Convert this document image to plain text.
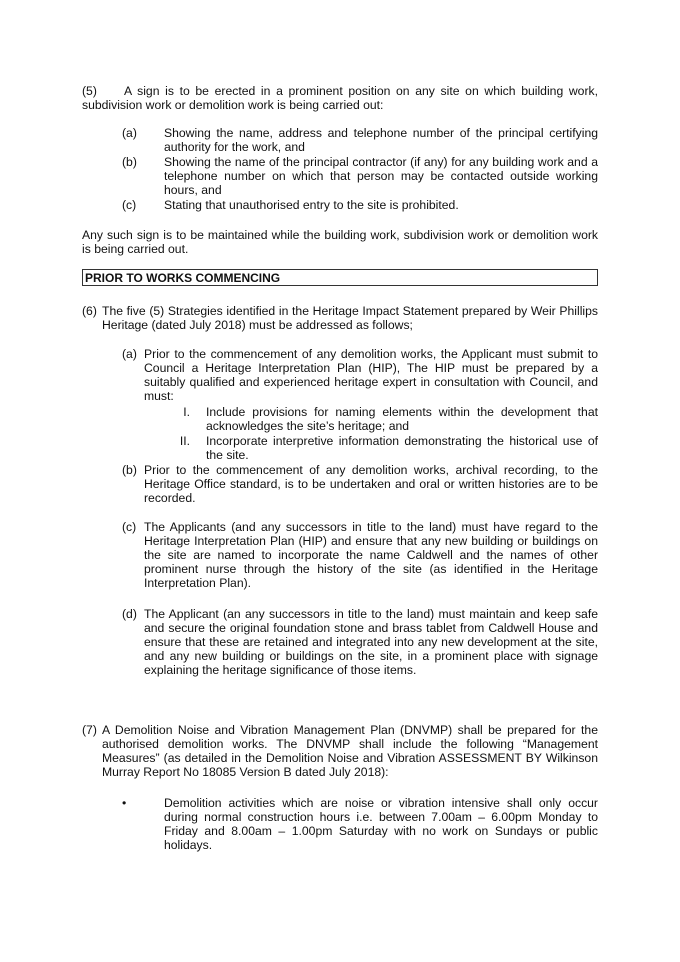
(5)	A sign is to be erected in a prominent position on any site on which building work, subdivision work or demolition work is being carried out:
(a) Showing the name, address and telephone number of the principal certifying authority for the work, and
(b) Showing the name of the principal contractor (if any) for any building work and a telephone number on which that person may be contacted outside working hours, and
(c) Stating that unauthorised entry to the site is prohibited.
Any such sign is to be maintained while the building work, subdivision work or demolition work is being carried out.
PRIOR TO WORKS COMMENCING
(6) The five (5) Strategies identified in the Heritage Impact Statement prepared by Weir Phillips Heritage (dated July 2018) must be addressed as follows;
(a) Prior to the commencement of any demolition works, the Applicant must submit to Council a Heritage Interpretation Plan (HIP), The HIP must be prepared by a suitably qualified and experienced heritage expert in consultation with Council, and must:
I. Include provisions for naming elements within the development that acknowledges the site’s heritage; and
II. Incorporate interpretive information demonstrating the historical use of the site.
(b) Prior to the commencement of any demolition works, archival recording, to the Heritage Office standard, is to be undertaken and oral or written histories are to be recorded.
(c) The Applicants (and any successors in title to the land) must have regard to the Heritage Interpretation Plan (HIP) and ensure that any new building or buildings on the site are named to incorporate the name Caldwell and the names of other prominent nurse through the history of the site (as identified in the Heritage Interpretation Plan).
(d) The Applicant (an any successors in title to the land) must maintain and keep safe and secure the original foundation stone and brass tablet from Caldwell House and ensure that these are retained and integrated into any new development at the site, and any new building or buildings on the site, in a prominent place with signage explaining the heritage significance of those items.
(7) A Demolition Noise and Vibration Management Plan (DNVMP) shall be prepared for the authorised demolition works. The DNVMP shall include the following “Management Measures” (as detailed in the Demolition Noise and Vibration ASSESSMENT BY Wilkinson Murray Report No 18085 Version B dated July 2018):
•	Demolition activities which are noise or vibration intensive shall only occur during normal construction hours i.e. between 7.00am – 6.00pm Monday to Friday and 8.00am – 1.00pm Saturday with no work on Sundays or public holidays.
